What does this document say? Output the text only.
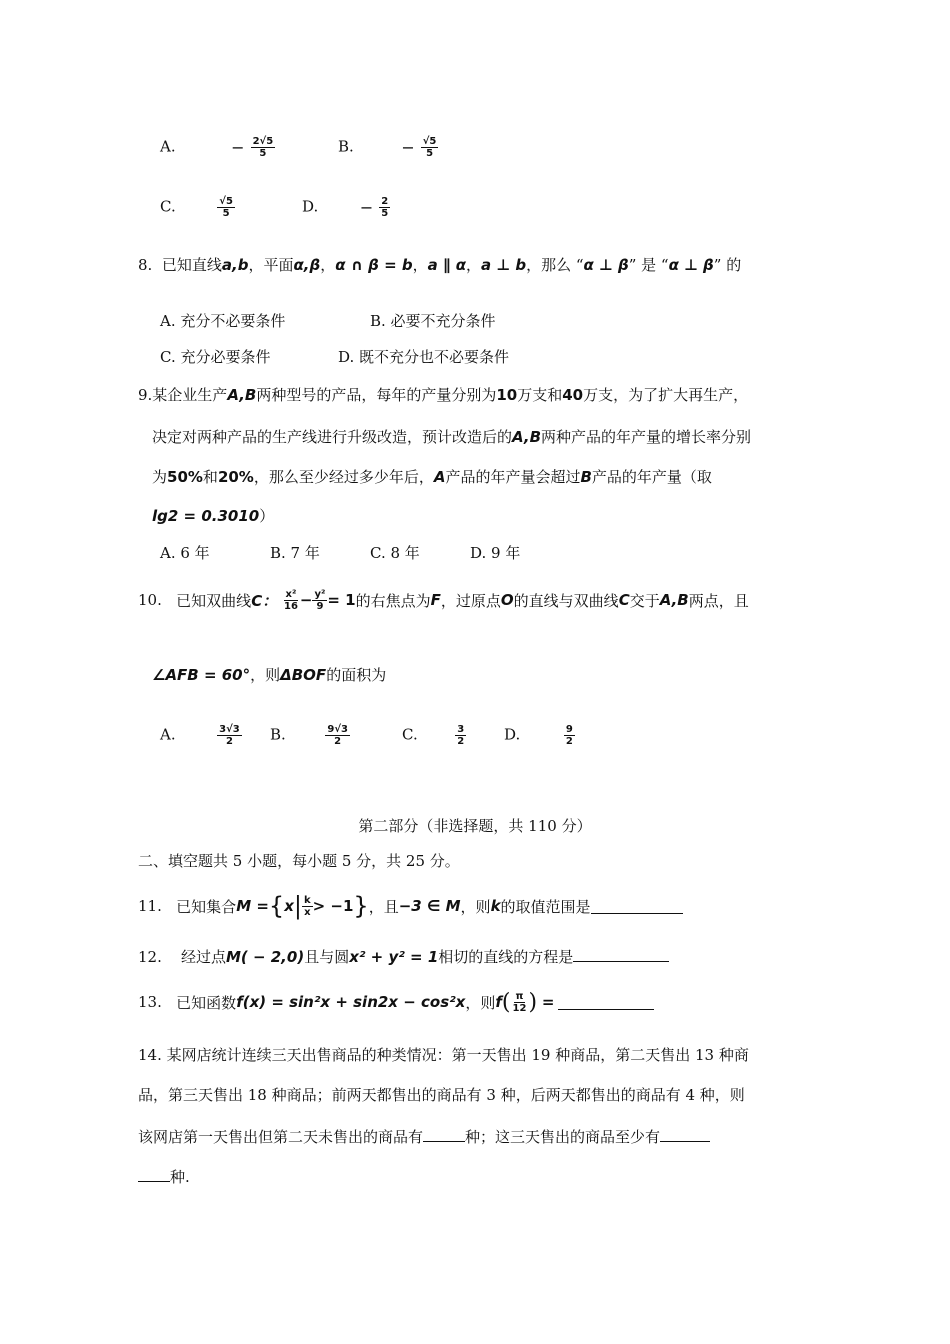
A.	− $\frac{2√5}{5}$	B.	− $\frac{√5}{5}$
C.	$\frac{√5}{5}$	D.	− $\frac{2}{5}$
8. 已知直线a,b，平面α,β，α ∩ β = b，a ∥ α，a ⊥ b，那么 “α ⊥ β” 是 “α ⊥ β” 的
A. 充分不必要条件	B. 必要不充分条件
C. 充分必要条件	D. 既不充分也不必要条件
9.某企业生产A,B两种型号的产品，每年的产量分别为10万支和40万支，为了扩大再生产，
决定对两种产品的生产线进行升级改造，预计改造后的A,B两种产品的年产量的增长率分别
为50%和20%，那么至少经过多少年后，A产品的年产量会超过B产品的年产量（取
lg2 = 0.3010）
A. 6 年	B. 7 年	C. 8 年	D. 9 年
10.
已知双曲线 C：
$\frac{\text{x²}}{16} - \frac{\text{y²}}{9} = 1$ 的右焦点为 F ，过原点 O 的直线与双曲线 C 交于 A,B 两点，且
∠AFB = 60°，则ΔBOF的面积为
A.	$\frac{3√3}{2} B$.	$\frac{9√3}{2}$	C.	$\frac{3}{2}$	D.	$\frac{9}{2}$
第二部分（非选择题，共 110 分）
二、填空题共 5 小题，每小题 5 分，共 25 分。
11.
已知集合 M = { x | $\frac{k}{x} > -1$ } ，且 −3 ∈ M ，则 k 的取值范围是
12. 经过点M( − 2,0)且与圆x² + y² = 1相切的直线的方程是
13.
已知函数 f(x) = sin²x + sin2x − cos²x ，则 f ( $\frac{\pi}{12}$ )
=
14. 某网店统计连续三天出售商品的种类情况：第一天售出 19 种商品，第二天售出 13 种商
品，第三天售出 18 种商品；前两天都售出的商品有 3 种，后两天都售出的商品有 4 种，则
该网店第一天售出但第二天未售出的商品有	种；这三天售出的商品至少有
种.
